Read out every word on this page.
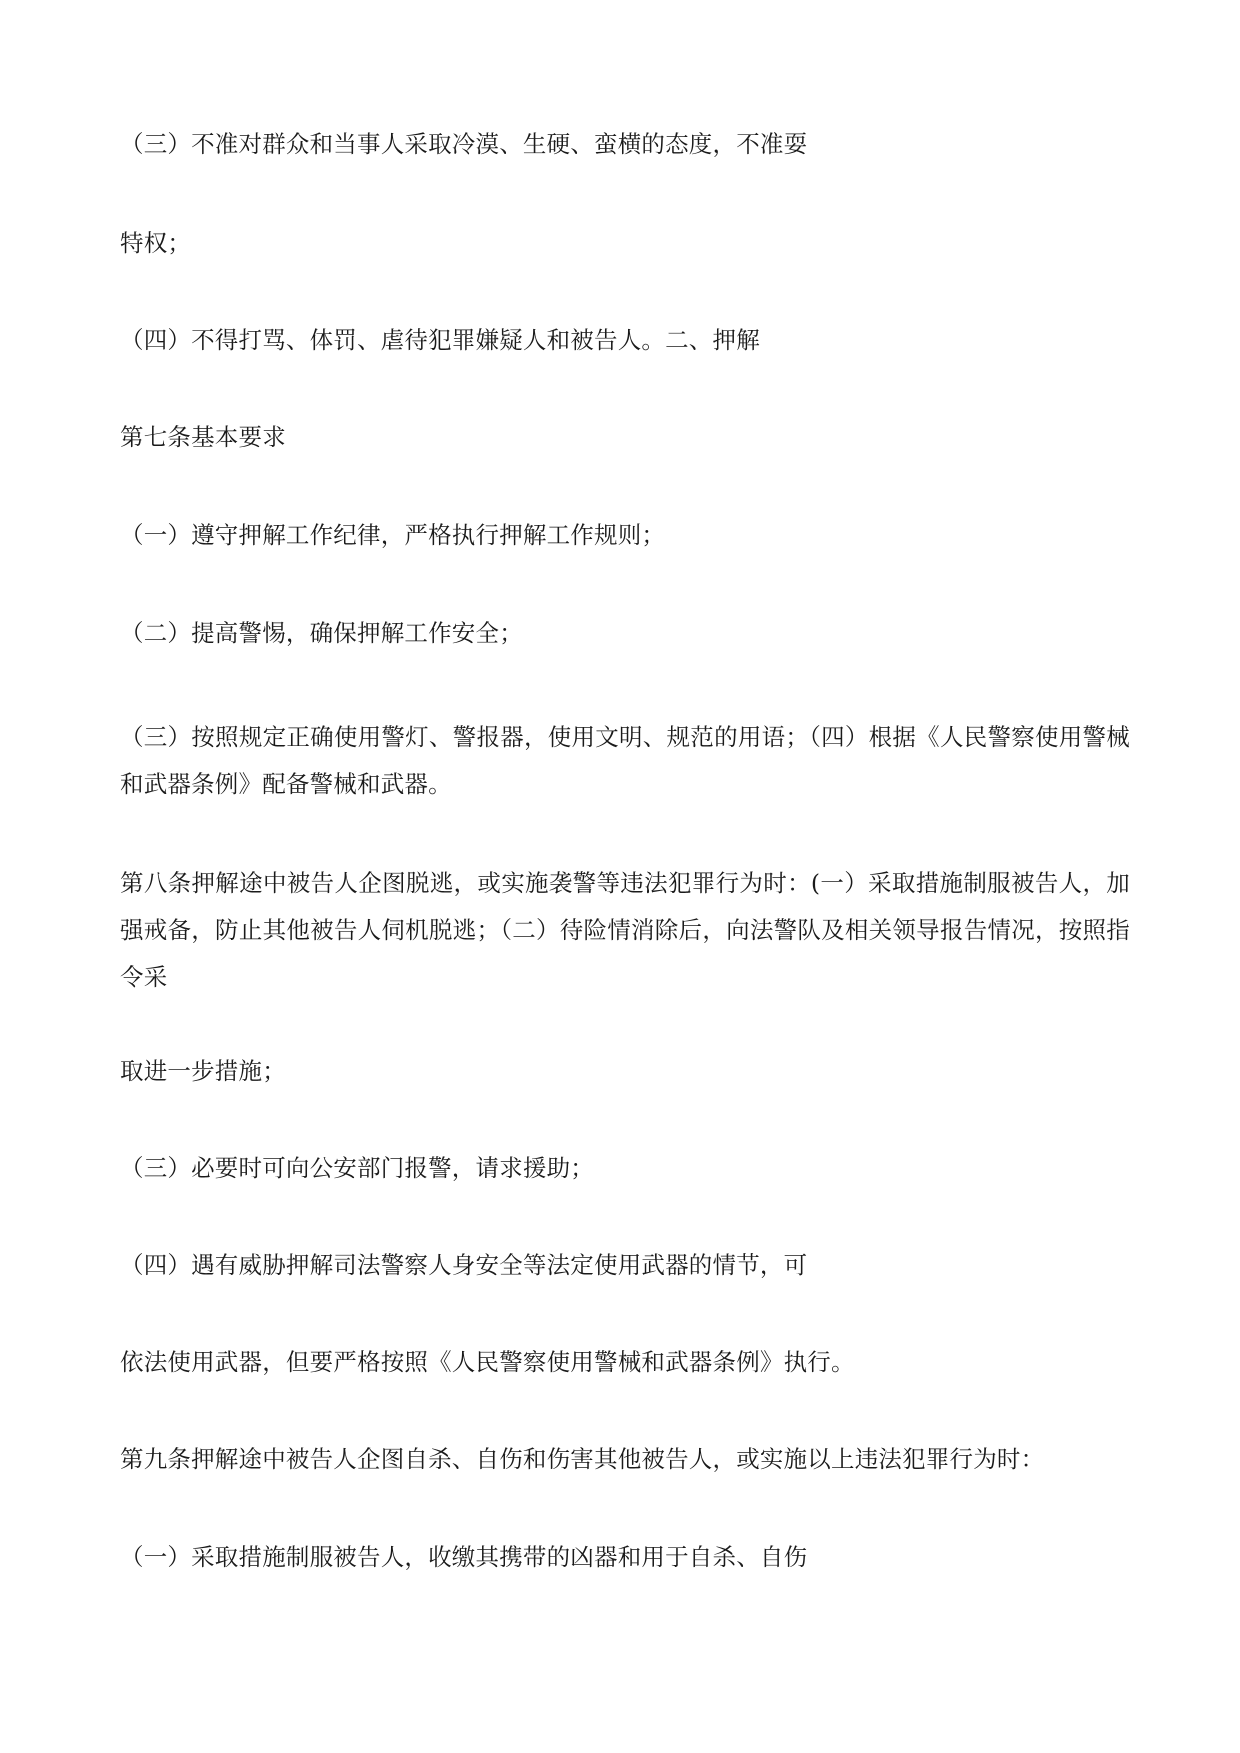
（三）不准对群众和当事人采取冷漠、生硬、蛮横的态度，不准耍
特权；
（四）不得打骂、体罚、虐待犯罪嫌疑人和被告人。二、押解
第七条基本要求
（一）遵守押解工作纪律，严格执行押解工作规则；
（二）提高警惕，确保押解工作安全；
（三）按照规定正确使用警灯、警报器，使用文明、规范的用语；（四）根据《人民警察使用警械和武器条例》配备警械和武器。
第八条押解途中被告人企图脱逃，或实施袭警等违法犯罪行为时：(一）采取措施制服被告人，加强戒备，防止其他被告人伺机脱逃；（二）待险情消除后，向法警队及相关领导报告情况，按照指令采
取进一步措施；
（三）必要时可向公安部门报警，请求援助；
（四）遇有威胁押解司法警察人身安全等法定使用武器的情节，可
依法使用武器，但要严格按照《人民警察使用警械和武器条例》执行。
第九条押解途中被告人企图自杀、自伤和伤害其他被告人，或实施以上违法犯罪行为时：
（一）采取措施制服被告人，收缴其携带的凶器和用于自杀、自伤
